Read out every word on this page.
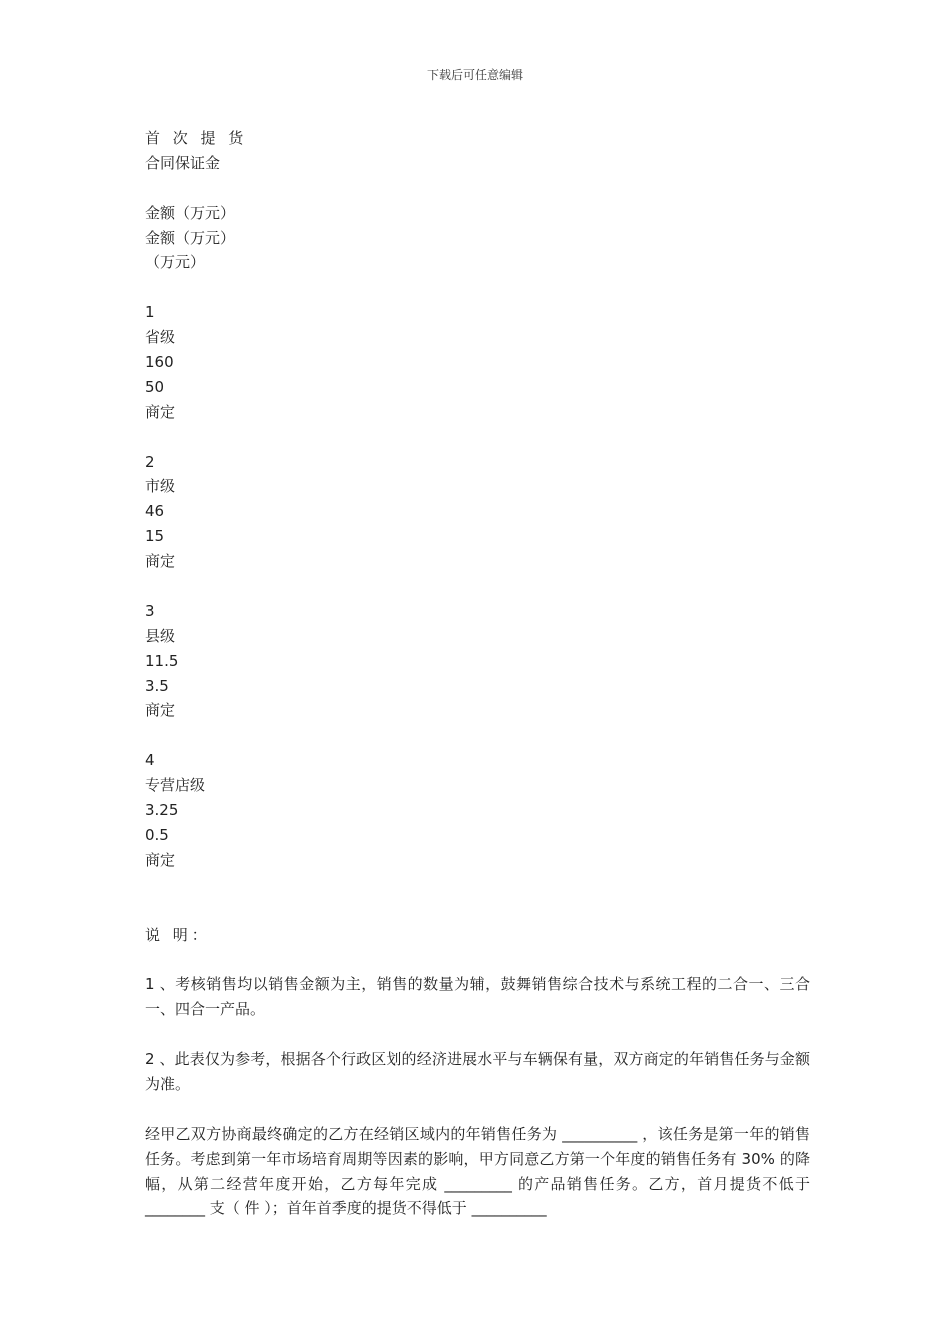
下载后可任意编辑
首 次 提 货
合同保证金
金额（万元）
金额（万元）
（万元）
1
省级
160
50
商定
2
市级
46
15
商定
3
县级
11.5
3.5
商定
4
专营店级
3.25
0.5
商定
说 明：
1 、考核销售均以销售金额为主，销售的数量为辅，鼓舞销售综合技术与系统工程的二合一、三合一、四合一产品。
2 、此表仅为参考，根据各个行政区划的经济进展水平与车辆保有量，双方商定的年销售任务与金额为准。
经甲乙双方协商最终确定的乙方在经销区域内的年销售任务为 __________ ，该任务是第一年的销售任务。考虑到第一年市场培育周期等因素的影响，甲方同意乙方第一个年度的销售任务有 30% 的降幅，从第二经营年度开始，乙方每年完成 _________ 的产品销售任务。乙方，首月提货不低于 ________ 支（ 件 ）；首年首季度的提货不得低于 __________
